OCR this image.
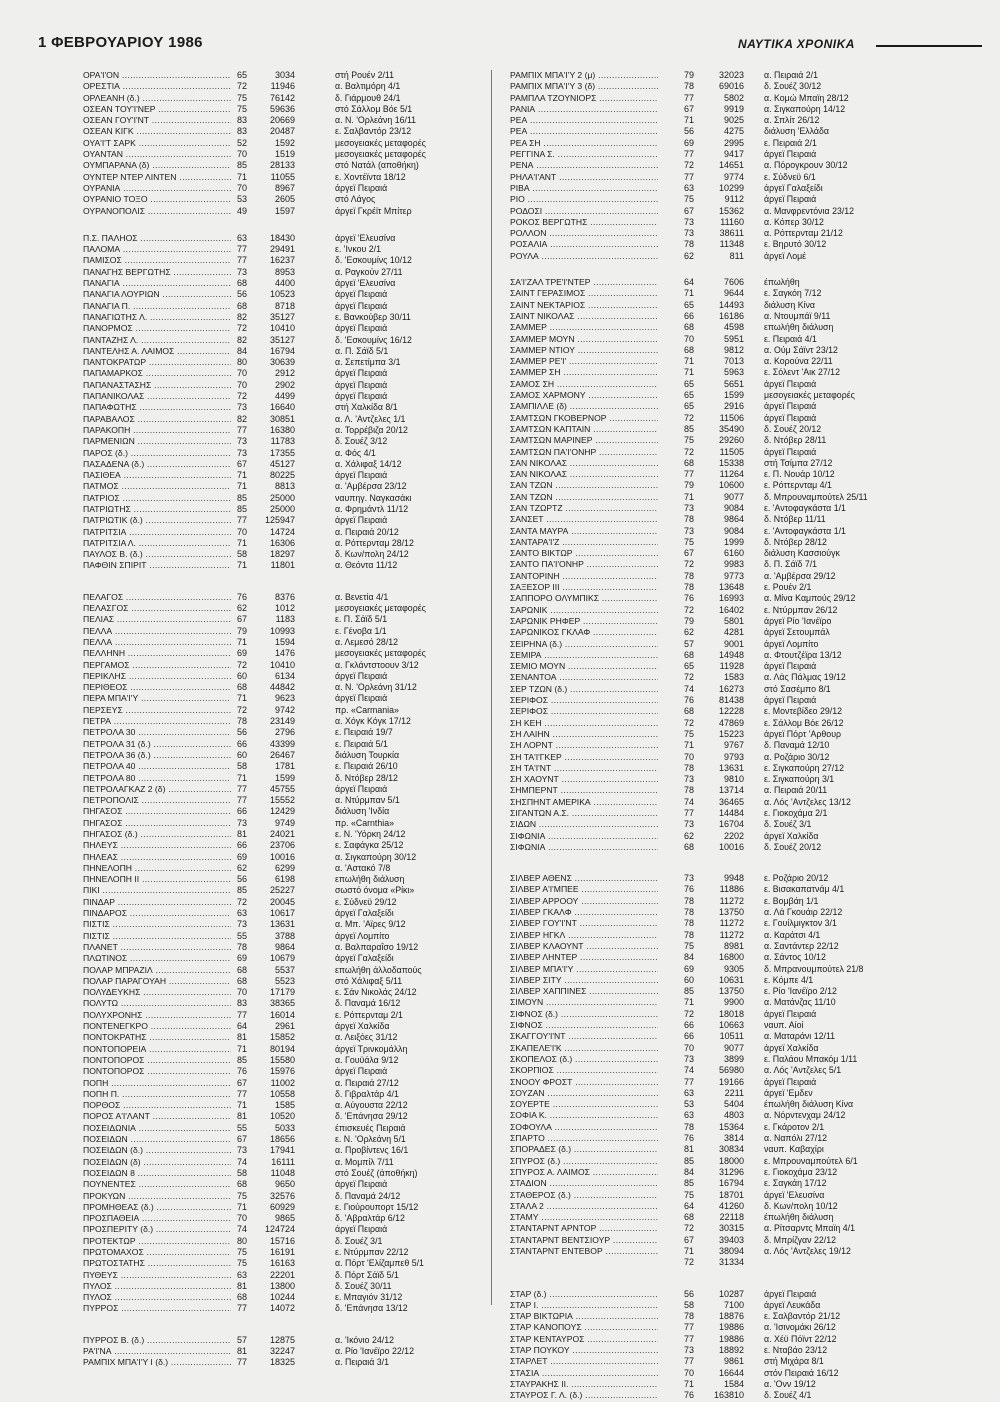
1 ΦΕΒΡΟΥΑΡΙΟΥ 1986	ΝΑΥΤΙΚΑ ΧΡΟΝΙΚΑ
ΟΡΑ'Ι'ΟΝ .....	65	3034	στή Ρουέν 2/11
ΟΡΕΣΤΙΑ .....	72	11946	α. Βαλτιμόρη 4/1
ΟΡΛΕΑΝΗ (δ.) .....	75	76142	δ. Γιάρμουθ 24/1
ΟΣΕΑΝ ΤΟΥ'Ι'ΝΕΡ .....	75	59636	στό Σάλλομ Βόε 5/1
ΟΣΕΑΝ ΓΟΥ'Ι'ΝΤ .....	83	20669	α. Ν. 'Ορλεάνη 16/11
ΟΣΕΑΝ ΚΙΓΚ .....	83	20487	ε. Σαλβαντόρ 23/12
ΟΥΑ'Ι'Τ ΣΑΡΚ .....	52	1592	μεσογειακές μεταφορές
ΟΥΑΝΤΑΝ .....	70	1519	μεσογειακές μεταφορές
ΟΥΜΠΑΡΑΝΑ (δ) .....	85	28133	στό Νατάλ (αποθήκη)
ΟΥΝΤΕΡ ΝΤΕΡ ΛΙΝΤΕΝ .....	71	11055	ε. Χοντέϊντα 18/12
ΟΥΡΑΝΙΑ .....	70	8967	άργεϊ Πειραιά
ΟΥΡΑΝΙΟ ΤΟΞΟ .....	53	2605	στό Λάγος
ΟΥΡΑΝΟΠΟΛΙΣ .....	49	1597	άργεϊ Γκρέϊτ Μπίτερ
Π.Σ. ΠΑΛΗΟΣ .....	63	18430	άργεϊ 'Ελευσίνα
ΠΑΛΟΜΑ .....	77	29491	ε. 'Ινκου 2/1
ΠΑΜΙΣΟΣ .....	77	16237	δ. 'Εσκουμίνς 10/12
ΠΑΝΑΓΗΣ ΒΕΡΓΩΤΗΣ .....	73	8953	α. Ραγκούν 27/11
ΠΑΝΑΓΙΑ .....	68	4400	άργεϊ 'Ελευσίνα
ΠΑΝΑΓΙΑ ΛΟΥΡΙΩΝ .....	56	10523	άργεϊ Πειραιά
ΠΑΝΑΓΙΑ Π. .....	68	8718	άργεϊ Πειραιά
ΠΑΝΑΓΙΩΤΗΣ Λ. .....	82	35127	ε. Βανκούβερ 30/11
ΠΑΝΟΡΜΟΣ .....	72	10410	άργεϊ Πειραιά
ΠΑΝΤΑΖΗΣ Λ. .....	82	35127	δ. 'Εσκουμίνς 16/12
ΠΑΝΤΕΛΗΣ Α. ΛΑΙΜΟΣ .....	84	16794	α. Π. Σάϊδ 5/1
ΠΑΝΤΟΚΡΑΤΩΡ .....	80	30639	α. Σεπετίμπα 3/1
ΠΑΠΑΜΑΡΚΟΣ .....	70	2912	άργεϊ Πειραιά
ΠΑΠΑΝΑΣΤΑΣΗΣ .....	70	2902	άργεϊ Πειραιά
ΠΑΠΑΝΙΚΟΛΑΣ .....	72	4499	άργεϊ Πειραιά
ΠΑΠΑΦΩΤΗΣ .....	73	16640	στή Χαλκίδα 8/1
ΠΑΡΑΒΑΛΟΣ .....	82	30851	α. Λ. 'Αντζελες 1/1
ΠΑΡΑΚΟΠΗ .....	77	16380	α. Τορρέβιζα 20/12
ΠΑΡΜΕΝΙΩΝ .....	73	11783	δ. Σουέζ 3/12
ΠΑΡΟΣ (δ.) .....	73	17355	α. Φός 4/1
ΠΑΣΑΔΕΝΑ (δ.) .....	67	45127	α. Χάλιφαξ 14/12
ΠΑΣΙΘΕΑ .....	71	80225	άργεϊ Πειραιά
ΠΑΤΜΟΣ .....	71	8813	α. 'Αμβέρσα 23/12
ΠΑΤΡΙΟΣ .....	85	25000	ναυπηγ. Ναγκασάκι
ΠΑΤΡΙΩΤΗΣ .....	85	25000	α. Φρημάντλ 11/12
ΠΑΤΡΙΩΤΙΚ (δ.) .....	77	125947	άργεϊ Πειραιά
ΠΑΤΡΙΤΣΙΑ .....	70	14724	α. Πειραιά 20/12
ΠΑΤΡΙΤΣΙΑ Λ. .....	71	16306	α. Ρόττερνταμ 28/12
ΠΑΥΛΟΣ Β. (δ.) .....	58	18297	δ. Κων/πολη 24/12
ΠΑΦΘΙΝ ΣΠΙΡΙΤ .....	71	11801	α. Θεόντα 11/12
ΠΕΛΑΓΟΣ .....	76	8376	α. Βενετία 4/1
ΠΕΛΑΣΓΟΣ .....	62	1012	μεσογειακές μεταφορές
ΠΕΛΙΑΣ .....	67	1183	ε. Π. Σάϊδ 5/1
ΠΕΛΛΑ .....	79	10993	ε. Γένοβα 1/1
ΠΕΛΛΑ .....	71	1594	α. Λεμεσό 28/12
ΠΕΛΛΗΝΗ .....	69	1476	μεσογειακές μεταφορές
ΠΕΡΓΑΜΟΣ .....	72	10410	α. Γκλάντστοουν 3/12
ΠΕΡΙΚΛΗΣ .....	60	6134	άργεϊ Πειραιά
ΠΕΡΙΘΕΟΣ .....	68	44842	α. Ν. 'Ορλεάνη 31/12
ΠΕΡΑ ΜΠΑ'Ι'Υ .....	71	9623	άργεϊ Πειραιά
ΠΕΡΣΕΥΣ .....	72	9742	πρ. «Carmania»
ΠΕΤΡΑ .....	78	23149	α. Χόγκ Κόγκ 17/12
ΠΕΤΡΟΛΑ 30 .....	56	2796	ε. Πειραιά 19/7
ΠΕΤΡΟΛΑ 31 (δ.) .....	66	43399	ε. Πειραιά 5/1
ΠΕΤΡΟΛΑ 36 (δ.) .....	60	26467	διάλυση Τουρκία
ΠΕΤΡΟΛΑ 40 .....	58	1781	ε. Πειραιά 26/10
ΠΕΤΡΟΛΑ 80 .....	71	1599	δ. Ντόβερ 28/12
ΠΕΤΡΟΛΑΓΚΑΖ 2 (δ) .....	77	45755	άργεϊ Πειραιά
ΠΕΤΡΟΠΟΛΙΣ .....	77	15552	α. Ντύρμπαν 5/1
ΠΗΓΑΣΟΣ .....	66	12429	διάλυση 'Ινδία
ΠΗΓΑΣΟΣ .....	73	9749	πρ. «Carnthia»
ΠΗΓΑΣΟΣ (δ.) .....	81	24021	ε. Ν. 'Υόρκη 24/12
ΠΗΛΕΥΣ .....	66	23706	ε. Σαφάγκα 25/12
ΠΗΛΕΑΣ .....	69	10016	α. Σιγκαπούρη 30/12
ΠΗΝΕΛΟΠΗ .....	62	6299	α. 'Αστακό 7/8
ΠΗΝΕΛΟΠΗ ΙΙ .....	56	6198	επωλήθη διάλυση
ΠΙΚΙ .....	85	25227	σωστό όνομα «Ρίκι»
ΠΙΝΔΑΡ .....	72	20045	ε. Σύδνεϋ 29/12
ΠΙΝΔΑΡΟΣ .....	63	10617	άργεϊ Γαλαξείδι
ΠΙΣΤΙΣ .....	73	13631	α. Μπ. 'Αϊρες 9/12
ΠΙΣΤΙΣ .....	55	3788	άργεϊ Λομπίτο
ΠΛΑΝΕΤ .....	78	9864	α. Βαλπαραΐσο 19/12
ΠΛΩΤΙΝΟΣ .....	69	10679	άργεϊ Γαλαξείδι
ΠΟΛΑΡ ΜΠΡΑΖΙΛ .....	68	5537	επωλήθη άλλοδαπούς
ΠΟΛΑΡ ΠΑΡΑΓΟΥΑΗ .....	68	5523	στό Χάλιφαξ 5/11
ΠΟΛΥΔΕΥΚΗΣ .....	70	17179	ε. Σάν Νικολάς 24/12
ΠΟΛΥΤΩ .....	83	38365	δ. Παναμά 16/12
ΠΟΛΥΧΡΟΝΗΣ .....	77	16014	ε. Ρόττερνταμ 2/1
ΠΟΝΤΕΝΕΓΚΡΟ .....	64	2961	άργεϊ Χαλκίδα
ΠΟΝΤΟΚΡΑΤΗΣ .....	81	15852	α. Λειξόες 31/12
ΠΟΝΤΟΠΟΡΕΙΑ .....	71	80194	άργεϊ Τρινκομάλλη
ΠΟΝΤΟΠΟΡΟΣ .....	85	15580	α. Γουϋάλα 9/12
ΠΟΝΤΟΠΟΡΟΣ .....	76	15976	άργεϊ Πειραιά
ΠΟΠΗ .....	67	11002	α. Πειραιά 27/12
ΠΟΠΗ Π. .....	77	10558	δ. Γιβραλτάρ 4/1
ΠΟΡΘΟΣ .....	71	1585	α. Αύγουστα 22/12
ΠΟΡΟΣ Α'Ι'ΛΑΝΤ .....	81	10520	δ. 'Επάνησα 29/12
ΠΟΣΕΙΔΩΝΙΑ .....	55	5033	έπισκευές Πειραιά
ΠΟΣΕΙΔΩΝ .....	67	18656	ε. Ν. 'Ορλεάνη 5/1
ΠΟΣΕΙΔΩΝ (δ.) .....	73	17941	α. Προβίντενς 16/1
ΠΟΣΕΙΔΩΝ (δ) .....	74	16111	α. Μομπίλ 7/11
ΠΟΣΕΙΔΩΝ 8 .....	58	11048	στό Σουέζ (άποθήκη)
ΠΟΥΝΕΝΤΕΣ .....	68	9650	άργεϊ Πειραιά
ΠΡΟΚΥΩΝ .....	75	32576	δ. Παναμά 24/12
ΠΡΟΜΗΘΕΑΣ (δ.) .....	71	60929	ε. Γιούρουπορτ 15/12
ΠΡΟΣΠΑΘΕΙΑ .....	70	9865	δ. 'Αβραλτάρ 6/12
ΠΡΟΣΠΕΡΙΤΥ (δ.) .....	74	124724	άργεϊ Πειραιά
ΠΡΟΤΕΚΤΩΡ .....	80	15716	δ. Σουέζ 3/1
ΠΡΩΤΟΜΑΧΟΣ .....	75	16191	ε. Ντύρμπαν 22/12
ΠΡΩΤΟΣΤΑΤΗΣ .....	75	16163	α. Πόρτ 'Ελίζαμπεθ 5/1
ΠΥΘΕΥΣ .....	63	22201	δ. Πόρτ Σάϊδ 5/1
ΠΥΛΟΣ .....	81	13800	δ. Σουέζ 30/11
ΠΥΛΟΣ .....	68	10244	ε. Μπαγιόν 31/12
ΠΥΡΡΟΣ .....	77	14072	δ. 'Επάνησα 13/12
ΠΥΡΡΟΣ Β. (δ.) .....	57	12875	α. 'Ικόνιο 24/12
ΡΑ'Ι'ΝΑ .....	81	32247	α. Ρίο 'Ιανέϊρο 22/12
ΡΑΜΠΙΧ ΜΠΑ'Ι'Υ Ι (δ.) .....	77	18325	α. Πειραιά 3/1
ΡΑΜΠΙΧ ΜΠΑ'Ι'Υ 2 (μ) .....	79	32023 α. Πειραιά 2/1
ΡΑΜΠΙΧ ΜΠΑ'Ι'Υ 3 (δ) .....	78	69016 δ. Σουέζ 30/12
ΡΑΜΠΛΑ ΤΖΟΥΝΙΟΡΣ .....	77	5802 α. Κομώ Μπαϊη 28/12
ΡΑΝΙΑ .....	67	9919 α. Σιγκαπούρη 14/12
ΡΕΑ .....	71	9025 α. Σπλίτ 26/12
ΡΕΑ .....	56	4275 διάλυση 'Ελλάδα
ΡΕΑ ΣΗ .....	69	2995 ε. Πειραιά 2/1
ΡΕΓΓΙΝΑ Σ. .....	77	9417 άργεϊ Πειραιά
ΡΕΝΑ .....	72	14651 α. Πόρογκρουν 30/12
ΡΗΛΑ'Ι'ΑΝΤ .....	77	9774 ε. Σύδνεϋ 6/1
ΡΙΒΑ .....	63	10299 άργεϊ Γαλαξείδι
ΡΙΟ .....	75	9112 άργεϊ Πειραιά
ΡΟΔΟΣΙ .....	67	15362 α. Μανφρεντόνια 23/12
ΡΟΚΟΣ ΒΕΡΓΩΤΗΣ .....	73	11160 α. Κόπερ 30/12
ΡΟΛΛΟΝ .....	73	38611 α. Ρόττερνταμ 21/12
ΡΟΣΑΛΙΑ .....	78	11348 ε. Βηρυτό 30/12
ΡΟΥΛΑ .....	62	811 άργεϊ Λομέ
ΣΑ'Ι'ΖΑΛ ΤΡΕ'Ι'ΝΤΕΡ .....	64	7606 έπωλήθη
ΣΑΙΝΤ ΓΕΡΑΣΙΜΟΣ .....	71	9644 ε. Σαγκόη 7/12
ΣΑΙΝΤ ΝΕΚΤΑΡΙΟΣ .....	65	14493 διάλυση Κίνα
ΣΑΙΝΤ ΝΙΚΟΛΑΣ .....	66	16186 α. Ντουμπάϊ 9/11
ΣΑΜΜΕΡ .....	68	4598 επωλήθη διάλυση
ΣΑΜΜΕΡ ΜΟΥΝ .....	70	5951 ε. Πειραιά 4/1
ΣΑΜΜΕΡ ΝΤΙΟΥ .....	68	9812 α. Ούμ Σάϊντ 23/12
ΣΑΜΜΕΡ ΡΕ'Ι' .....	71	7013 α. Κορούνα 22/11
ΣΑΜΜΕΡ ΣΗ .....	71	5963 ε. Σόλεντ 'Αικ 27/12
ΣΑΜΟΣ ΣΗ .....	65	5651 άργεϊ Πειραιά
ΣΑΜΟΣ ΧΑΡΜΟΝΥ .....	65	1599 μεσογειακές μεταφορές
ΣΑΜΠΙΛΛΕ (δ) .....	65	2916 άργεϊ Πειραιά
ΣΑΜΤΣΩΝ ΓΚΟΒΕΡΝΟΡ .....	72	11506 άργεϊ Πειραιά
ΣΑΜΤΣΩΝ ΚΑΠΤΑΙΝ .....	85	35490 δ. Σουέζ 20/12
ΣΑΜΤΣΩΝ ΜΑΡΙΝΕΡ .....	75	29260 δ. Ντόβερ 28/11
ΣΑΜΤΣΩΝ ΠΑ'Ι'ΟΝΗΡ .....	72	11505 άργεϊ Πειραιά
ΣΑΝ ΝΙΚΟΛΑΣ .....	68	15338 στή Τσίμπα 27/12
ΣΑΝ ΝΙΚΟΛΑΣ .....	77	11264 ε. Π. Νουάρ 10/12
ΣΑΝ ΤΖΩΝ .....	79	10600 ε. Ρόττερνταμ 4/1
ΣΑΝ ΤΖΩΝ .....	71	9077 δ. Μπρουναμπούτελ 25/11
ΣΑΝ ΤΖΩΡΤΖ .....	73	9084 ε. 'Αντοφαγκάστα 1/1
ΣΑΝΣΕΤ .....	78	9864 δ. Ντόβερ 11/11
ΣΑΝΤΑ ΜΑΥΡΑ .....	73	9084 ε. 'Αντοφαγκάστα 1/1
ΣΑΝΤΑΡΑ'Ι'Ζ .....	75	1999 δ. Ντόβερ 28/12
ΣΑΝΤΟ ΒΙΚΤΩΡ .....	67	6160 διάλυση Κασσιούγκ
ΣΑΝΤΟ ΠΑ'Ι'ΟΝΗΡ .....	72	9983 δ. Π. Σάϊδ 7/1
ΣΑΝΤΟΡΙΝΗ .....	78	9773 α. 'Αμβέρσα 29/12
ΣΑΞΕΣΟΡ ΙΙΙ .....	78	13648 ε. Ρουέν 2/1
ΣΑΠΠΟΡΟ ΟΛΥΜΠΙΚΣ .....	76	16993 α. Μίνα Καμπούς 29/12
ΣΑΡΩΝΙΚ .....	72	16402 ε. Ντύρμπαν 26/12
ΣΑΡΩΝΙΚ ΡΗΦΕΡ .....	79	5801 άργεϊ Ρίο 'Ιανέϊρο
ΣΑΡΩΝΙΚΟΣ ΓΚΛΑΦ .....	62	4281 άργεϊ Σετουμπάλ
ΣΕΙΡΗΝΑ (δ.) .....	57	9001 άργεϊ Λομπίτο
ΣΕΜΙΡΑ .....	68	14948 α. Φτουτζέϊρα 13/12
ΣΕΜΙΟ ΜΟΥΝ .....	65	11928 άργεϊ Πειραιά
ΣΕΝΑΝΤΟΑ .....	72	1583 α. Λάς Πάλμας 19/12
ΣΕΡ ΤΖΩΝ (δ.) .....	74	16273 στό Σασέμπο 8/1
ΣΕΡΙΦΟΣ .....	76	81438 άργεϊ Πειραιά
ΣΕΡΙΦΟΣ .....	68	12228 ε. Μοντεβίδεο 29/12
ΣΗ ΚΕΗ .....	72	47869 ε. Σάλλομ Βόε 26/12
ΣΗ ΛΑΙΗΝ .....	75	15223 άργεϊ Πόρτ 'Αρθουρ
ΣΗ ΛΟΡΝΤ .....	71	9767 δ. Παναμά 12/10
ΣΗ ΤΑ'Ι'ΓΚΕΡ .....	70	9793 α. Ροζάριο 30/12
ΣΗ ΤΑ'Ι'ΝΤ .....	78	13631 ε. Σιγκαπούρη 27/12
ΣΗ ΧΑΟΥΝΤ .....	73	9810 ε. Σιγκαπούρη 3/1
ΣΗΜΠΕΡΝΤ .....	78	13714 α. Πειραιά 20/11
ΣΗΣΠΗΝΤ ΑΜΕΡΙΚΑ .....	74	36465 α. Λός 'Αντζελες 13/12
ΣΙΓΑΝΤΩΝ Α.Σ. .....	77	14484 ε. Γιοκοχάμα 2/1
ΣΙΔΩΝ .....	73	16704 δ. Σουέζ 3/1
ΣΙΦΩΝΙΑ .....	62	2202 άργεϊ Χαλκίδα
ΣΙΦΩΝΙΑ .....	68	10016 δ. Σουέζ 20/12
ΣΙΛΒΕΡ ΑΘΕΝΣ .....	73	9948 ε. Ροζάριο 20/12
ΣΙΛΒΕΡ Α'Ι'ΜΠΕΕ .....	76	11886 ε. Βισακαπατνάμ 4/1
ΣΙΛΒΕΡ ΑΡΡΟΟΥ .....	78	11272 ε. Βομβάη 1/1
ΣΙΛΒΕΡ ΓΚΑΛΦ .....	78	13750 α. Λά Γκουάιρ 22/12
ΣΙΛΒΕΡ ΓΟΥ'Ι'ΝΤ .....	78	11272 ε. Γουίλμιγκτον 3/1
ΣΙΛΒΕΡ ΗΓΚΛ .....	78	11272 α. Καράτσι 4/1
ΣΙΛΒΕΡ ΚΛΑΟΥΝΤ .....	75	8981 α. Σαντάντερ 22/12
ΣΙΛΒΕΡ ΛΗΝΤΕΡ .....	84	16800 α. Σάντος 10/12
ΣΙΛΒΕΡ ΜΠΑ'Ι'Υ .....	69	9305 δ. Μπρανουμπούτελ 21/8
ΣΙΛΒΕΡ ΣΙΤΥ .....	60	10631 ε. Κόμπε 4/1
ΣΙΛΒΕΡ ΧΑΠΠΙΝΕΣ .....	85	13750 ε. Ρίο 'Ιανέϊρο 2/12
ΣΙΜΟΥΝ .....	71	9900 α. Ματάνζας 11/10
ΣΙΦΝΟΣ (δ.) .....	72	18018 άργεϊ Πειραιά
ΣΙΦΝΟΣ .....	66	10663 ναυπ. Αίοί
ΣΚΑΓΓΟΥ'Ι'ΝΤ .....	66	10511 α. Ματαράνι 12/11
ΣΚΑΠΕΛΕ'Ι'Κ .....	70	9077 άργεϊ Χαλκίδα
ΣΚΟΠΕΛΟΣ (δ.) .....	73	3899 ε. Παλάου Μπακόμ 1/11
ΣΚΟΡΠΙΟΣ .....	74	56980 α. Λός 'Αντζελες 5/1
ΣΝΟΟΥ ΦΡΟΣΤ .....	77	19166 άργεϊ Πειραιά
ΣΟΥΖΑΝ .....	63	2211 άργεϊ 'Εμδεν
ΣΟΥΕΡΤΕ .....	53	5404 έπωλήθη διάλυση Κίνα
ΣΟΦΙΑ Κ. .....	63	4803 α. Νόρντενχαμ 24/12
ΣΟΦΟΥΛΑ .....	78	15364 ε. Γκάροτον 2/1
ΣΠΑΡΤΟ .....	76	3814 α. Ναπόλι 27/12
ΣΠΟΡΑΔΕΣ (δ.) .....	81	30834 ναυπ. Καβαχίρι
ΣΠΥΡΟΣ (δ.) .....	85	18000 ε. Μπρουναμπούτελ 6/1
ΣΠΥΡΟΣ Α. ΛΑΙΜΟΣ .....	84	31296 ε. Γιοκοχάμα 23/12
ΣΤΑΔΙΟΝ .....	85	16794 ε. Σαγκάη 17/12
ΣΤΑΘΕΡΟΣ (δ.) .....	75	18701 άργεϊ 'Ελευσίνα
ΣΤΑΛΑ 2 .....	64	41260 δ. Κων/πολη 10/12
ΣΤΑΜΥ .....	68	22118 έπωλήθη διάλυση
ΣΤΑΝΤΑΡΝΤ ΑΡΝΤΟΡ .....	72	30315 α. Ρίτσαρντς Μπαϊη 4/1
ΣΤΑΝΤΑΡΝΤ ΒΕΝΤΣΙΟΥΡ .....	67	39403 δ. Μπρίζγαν 22/12
ΣΤΑΝΤΑΡΝΤ ΕΝΤΕΒΟΡ .....	71	38094 α. Λός 'Αντζελες 19/12
72	31334
ΣΤΑΡ (δ.) .....	56	10287 άργεϊ Πειραιά
ΣΤΑΡ Ι. .....	58	7100 άργεϊ Λευκάδα
ΣΤΑΡ ΒΙΚΤΩΡΙΑ .....	78	18876 ε. Σαλβαντόρ 21/12
ΣΤΑΡ ΚΑΝΟΠΟΥΣ .....	77	19886 α. 'Ισινομάκι 26/12
ΣΤΑΡ ΚΕΝΤΑΥΡΟΣ .....	77	19886 α. Χέϋ Πόϊντ 22/12
ΣΤΑΡ ΠΟΥΚΟΥ .....	73	18892 ε. Νταβάο 23/12
ΣΤΑΡΛΕΤ .....	77	9861 στή Μιχάρα 8/1
ΣΤΑΣΙΑ .....	70	16644 στόν Πειραιά 16/12
ΣΤΑΥΡΑΚΗΣ ΙΙ. .....	71	1584 α. 'Ονν 19/12
ΣΤΑΥΡΟΣ Γ. Λ. (δ.) .....	76	163810 δ. Σουέζ 4/1
